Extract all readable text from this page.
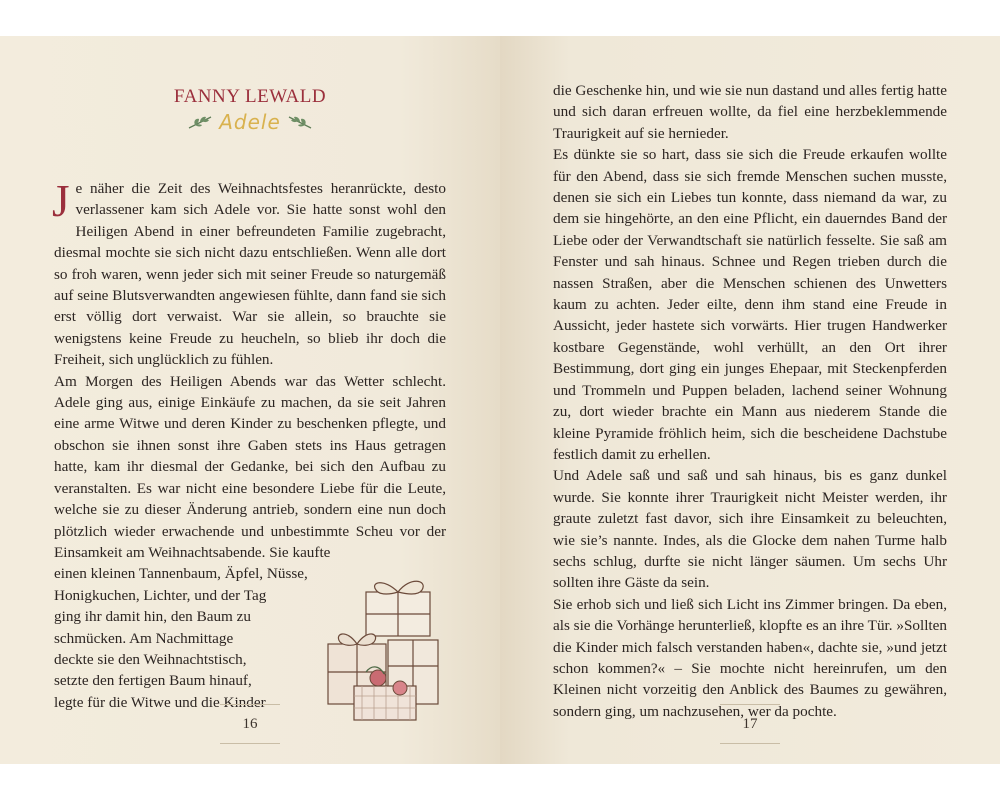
FANNY LEWALD
Adele

Je näher die Zeit des Weihnachtsfestes heranrückte, desto verlassener kam sich Adele vor. Sie hatte sonst wohl den Heiligen Abend in einer befreundeten Familie zugebracht, diesmal mochte sie sich nicht dazu entschließen. Wenn alle dort so froh waren, wenn jeder sich mit seiner Freude so naturgemäß auf seine Blutsverwandten angewiesen fühlte, dann fand sie sich erst völlig dort verwaist. War sie allein, so brauchte sie wenigstens keine Freude zu heucheln, so blieb ihr doch die Freiheit, sich unglücklich zu fühlen.

Am Morgen des Heiligen Abends war das Wetter schlecht. Adele ging aus, einige Einkäufe zu machen, da sie seit Jahren eine arme Witwe und deren Kinder zu beschenken pflegte, und obschon sie ihnen sonst ihre Gaben stets ins Haus getragen hatte, kam ihr diesmal der Gedanke, bei sich den Aufbau zu veranstalten. Es war nicht eine besondere Liebe für die Leute, welche sie zu dieser Änderung antrieb, sondern eine nun doch plötzlich wieder erwachende und unbestimmte Scheu vor der Einsamkeit am Weihnachtsabende. Sie kaufte

einen kleinen Tannenbaum, Äpfel, Nüsse,
Honigkuchen, Lichter, und der Tag
ging ihr damit hin, den Baum zu
schmücken. Am Nachmittage
deckte sie den Weihnachtstisch,
setzte den fertigen Baum hinauf,
legte für die Witwe und die Kinder
16

die Geschenke hin, und wie sie nun dastand und alles fertig hatte und sich daran erfreuen wollte, da fiel eine herzbeklemmende Traurigkeit auf sie hernieder.

Es dünkte sie so hart, dass sie sich die Freude erkaufen wollte für den Abend, dass sie sich fremde Menschen suchen musste, denen sie sich ein Liebes tun konnte, dass niemand da war, zu dem sie hingehörte, an den eine Pflicht, ein dauerndes Band der Liebe oder der Verwandtschaft sie natürlich fesselte. Sie saß am Fenster und sah hinaus. Schnee und Regen trieben durch die nassen Straßen, aber die Menschen schienen des Unwetters kaum zu achten. Jeder eilte, denn ihm stand eine Freude in Aussicht, jeder hastete sich vorwärts. Hier trugen Handwerker kostbare Gegenstände, wohl verhüllt, an den Ort ihrer Bestimmung, dort ging ein junges Ehepaar, mit Steckenpferden und Trommeln und Puppen beladen, lachend seiner Wohnung zu, dort wieder brachte ein Mann aus niederem Stande die kleine Pyramide fröhlich heim, sich die bescheidene Dachstube festlich damit zu erhellen.

Und Adele saß und saß und sah hinaus, bis es ganz dunkel wurde. Sie konnte ihrer Traurigkeit nicht Meister werden, ihr graute zuletzt fast davor, sich ihre Einsamkeit zu beleuchten, wie sie’s nannte. Indes, als die Glocke dem nahen Turme halb sechs schlug, durfte sie nicht länger säumen. Um sechs Uhr sollten ihre Gäste da sein.

Sie erhob sich und ließ sich Licht ins Zimmer bringen. Da eben, als sie die Vorhänge herunterließ, klopfte es an ihre Tür. »Sollten die Kinder mich falsch verstanden haben«, dachte sie, »und jetzt schon kommen?« – Sie mochte nicht hereinrufen, um den Kleinen nicht vorzeitig den Anblick des Baumes zu gewähren, sondern ging, um nachzusehen, wer da pochte.

17
